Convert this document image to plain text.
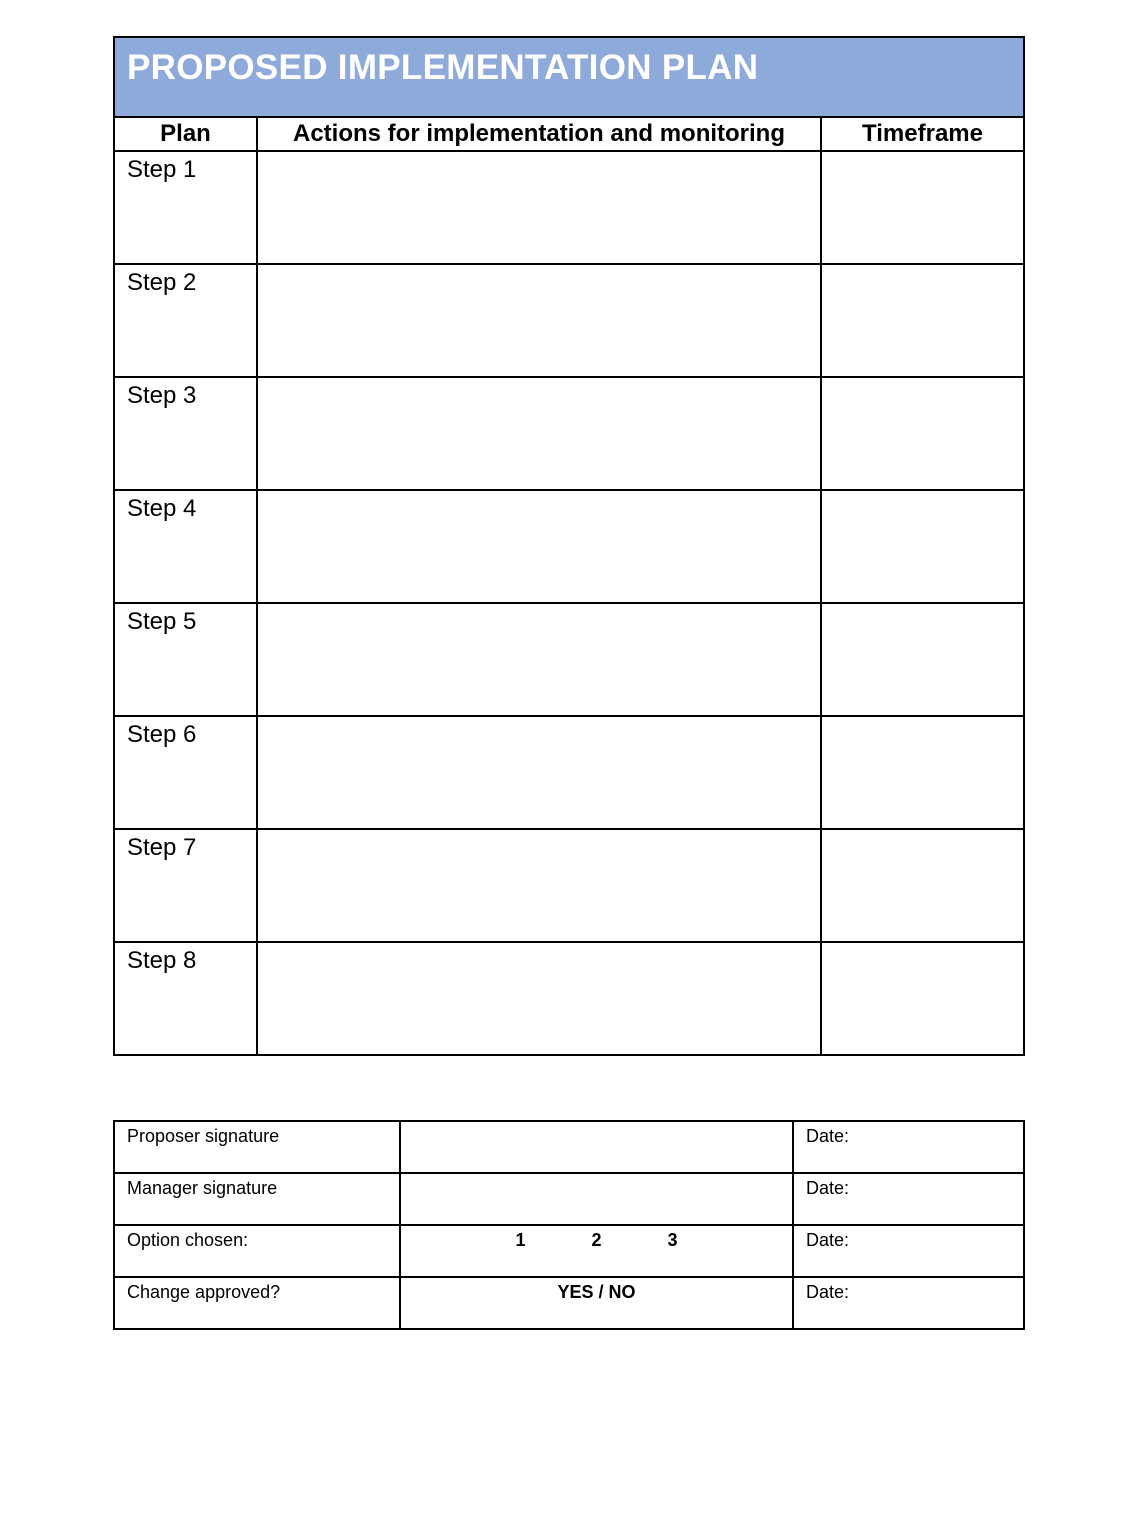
PROPOSED IMPLEMENTATION PLAN		
Plan	Actions for implementation and monitoring	Timeframe
Step 1		
Step 2		
Step 3		
Step 4		
Step 5		
Step 6		
Step 7		
Step 8		
Proposer signature		Date:
Manager signature		Date:
Option chosen:	1 2 3	Date:
Change approved?	YES / NO	Date:
